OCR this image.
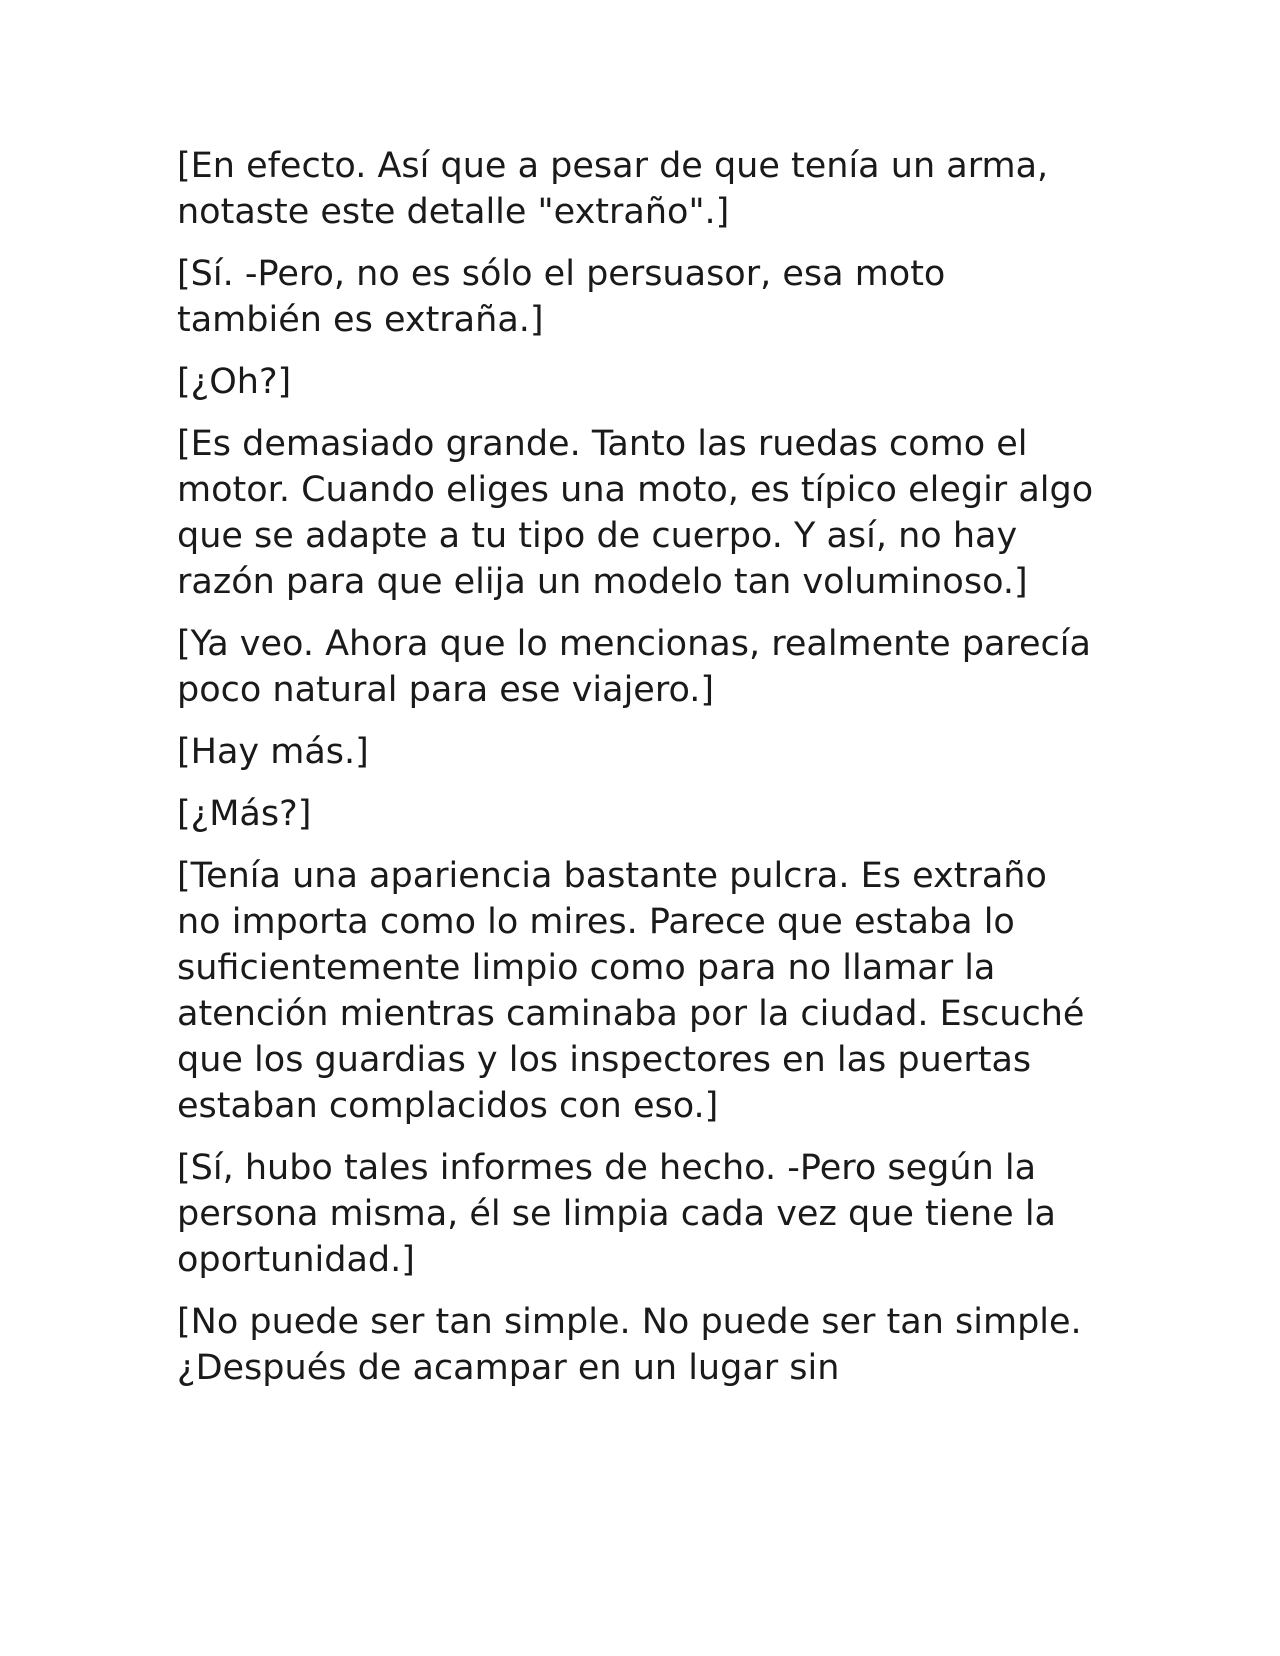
[En efecto. Así que a pesar de que tenía un arma, notaste este detalle "extraño".]

[Sí. -Pero, no es sólo el persuasor, esa moto también es extraña.]

[¿Oh?]

[Es demasiado grande. Tanto las ruedas como el motor. Cuando eliges una moto, es típico elegir algo que se adapte a tu tipo de cuerpo. Y así, no hay razón para que elija un modelo tan voluminoso.]

[Ya veo. Ahora que lo mencionas, realmente parecía poco natural para ese viajero.]

[Hay más.]

[¿Más?]

[Tenía una apariencia bastante pulcra. Es extraño no importa como lo mires. Parece que estaba lo suficientemente limpio como para no llamar la atención mientras caminaba por la ciudad. Escuché que los guardias y los inspectores en las puertas estaban complacidos con eso.]

[Sí, hubo tales informes de hecho. -Pero según la persona misma, él se limpia cada vez que tiene la oportunidad.]

[No puede ser tan simple. No puede ser tan simple. ¿Después de acampar en un lugar sin
